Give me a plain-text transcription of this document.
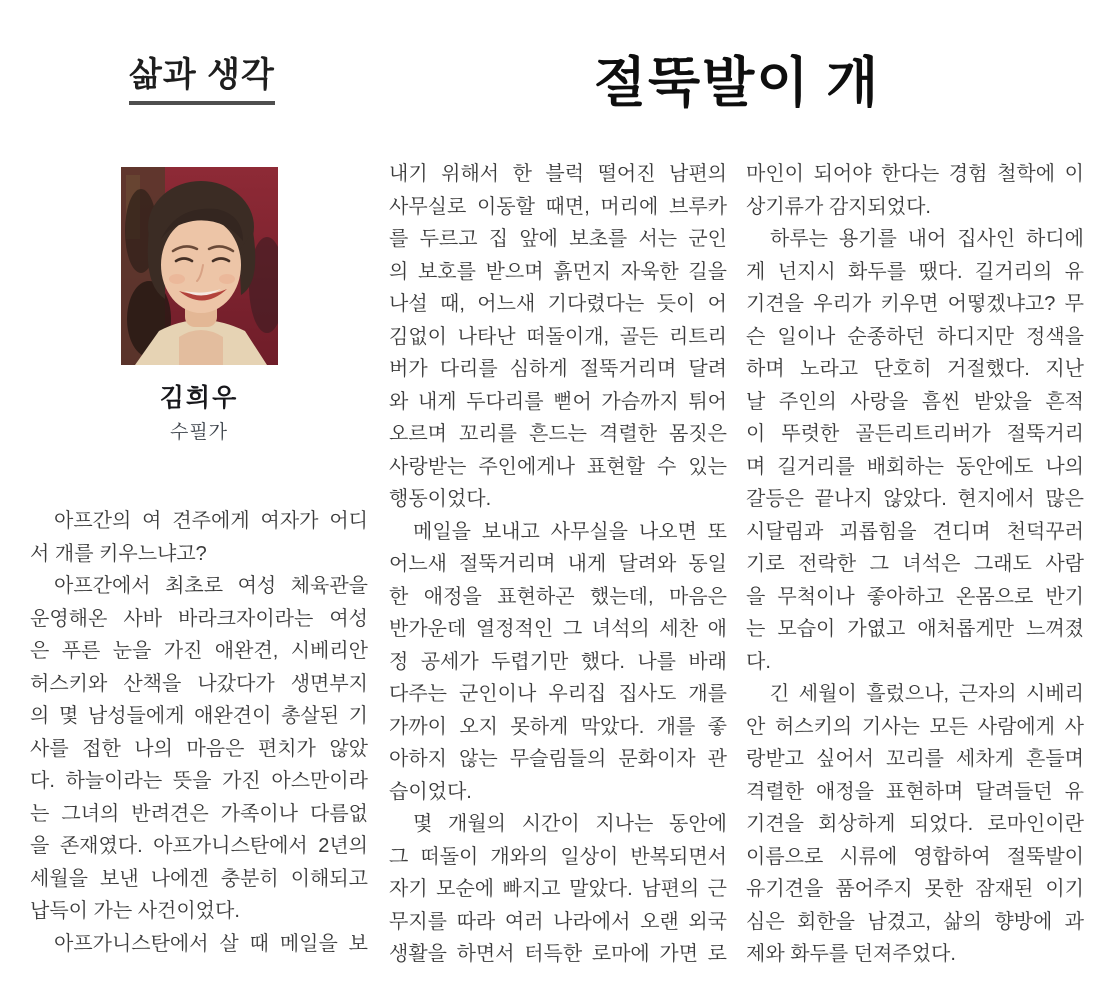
삶과 생각	절뚝발이 개
김희우
수필가
아프간의 여 견주에게 여자가 어디
서 개를 키우느냐고?
아프간에서 최초로 여성 체육관을
운영해온 사바 바라크자이라는 여성
은 푸른 눈을 가진 애완견, 시베리안
허스키와 산책을 나갔다가 생면부지
의 몇 남성들에게 애완견이 총살된 기
사를 접한 나의 마음은 편치가 않았
다. 하늘이라는 뜻을 가진 아스만이라
는 그녀의 반려견은 가족이나 다름없
을 존재였다. 아프가니스탄에서 2년의
세월을 보낸 나에겐 충분히 이해되고
납득이 가는 사건이었다.
아프가니스탄에서 살 때 메일을 보
내기 위해서 한 블럭 떨어진 남편의
사무실로 이동할 때면, 머리에 브루카
를 두르고 집 앞에 보초를 서는 군인
의 보호를 받으며 흙먼지 자욱한 길을
나설 때, 어느새 기다렸다는 듯이 어
김없이 나타난 떠돌이개, 골든 리트리
버가 다리를 심하게 절뚝거리며 달려
와 내게 두다리를 뻗어 가슴까지 튀어
오르며 꼬리를 흔드는 격렬한 몸짓은
사랑받는 주인에게나 표현할 수 있는
행동이었다.
메일을 보내고 사무실을 나오면 또
어느새 절뚝거리며 내게 달려와 동일
한 애정을 표현하곤 했는데, 마음은
반가운데 열정적인 그 녀석의 세찬 애
정 공세가 두렵기만 했다. 나를 바래
다주는 군인이나 우리집 집사도 개를
가까이 오지 못하게 막았다. 개를 좋
아하지 않는 무슬림들의 문화이자 관
습이었다.
몇 개월의 시간이 지나는 동안에
그 떠돌이 개와의 일상이 반복되면서
자기 모순에 빠지고 말았다. 남편의 근
무지를 따라 여러 나라에서 오랜 외국
생활을 하면서 터득한 로마에 가면 로
마인이 되어야 한다는 경험 철학에 이
상기류가 감지되었다.
하루는 용기를 내어 집사인 하디에
게 넌지시 화두를 땠다. 길거리의 유
기견을 우리가 키우면 어떻겠냐고? 무
슨 일이나 순종하던 하디지만 정색을
하며 노라고 단호히 거절했다. 지난
날 주인의 사랑을 흠씬 받았을 흔적
이 뚜렷한 골든리트리버가 절뚝거리
며 길거리를 배회하는 동안에도 나의
갈등은 끝나지 않았다. 현지에서 많은
시달림과 괴롭힘을 견디며 천덕꾸러
기로 전락한 그 녀석은 그래도 사람
을 무척이나 좋아하고 온몸으로 반기
는 모습이 가엾고 애처롭게만 느껴졌
다.
긴 세월이 흘렀으나, 근자의 시베리
안 허스키의 기사는 모든 사람에게 사
랑받고 싶어서 꼬리를 세차게 흔들며
격렬한 애정을 표현하며 달려들던 유
기견을 회상하게 되었다. 로마인이란
이름으로 시류에 영합하여 절뚝발이
유기견을 품어주지 못한 잠재된 이기
심은 회한을 남겼고, 삶의 향방에 과
제와 화두를 던져주었다.
